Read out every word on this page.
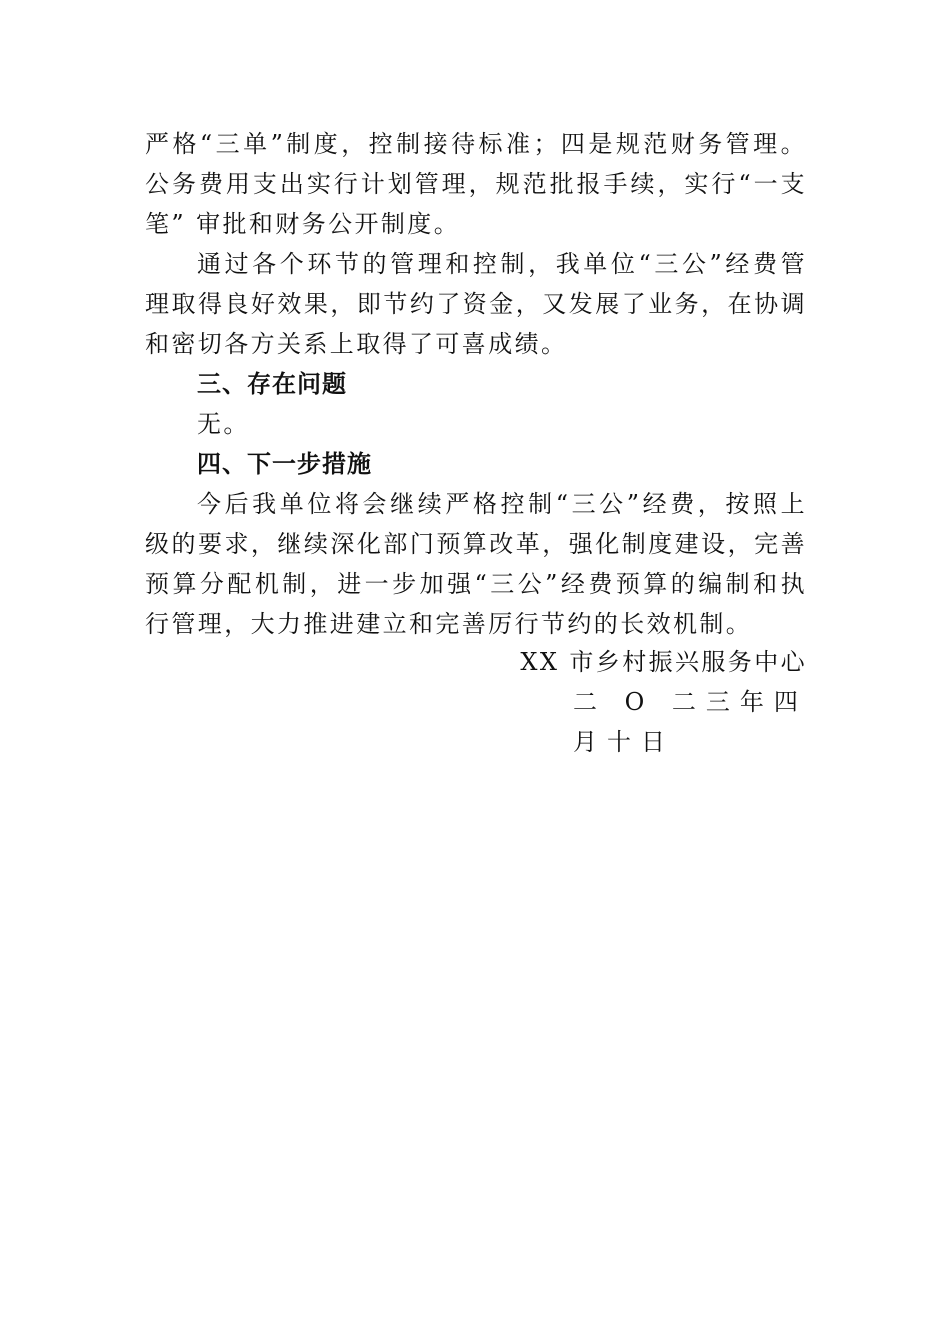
严格“三单”制度，控制接待标准；四是规范财务管理。公务费用支出实行计划管理，规范批报手续，实行“一支笔” 审批和财务公开制度。

通过各个环节的管理和控制，我单位“三公”经费管理取得良好效果，即节约了资金，又发展了业务，在协调和密切各方关系上取得了可喜成绩。

三、存在问题

无。

四、下一步措施

今后我单位将会继续严格控制“三公”经费，按照上级的要求，继续深化部门预算改革，强化制度建设，完善预算分配机制，进一步加强“三公”经费预算的编制和执行管理，大力推进建立和完善厉行节约的长效机制。

XX 市乡村振兴服务中心
二 O 二三年四月十日
